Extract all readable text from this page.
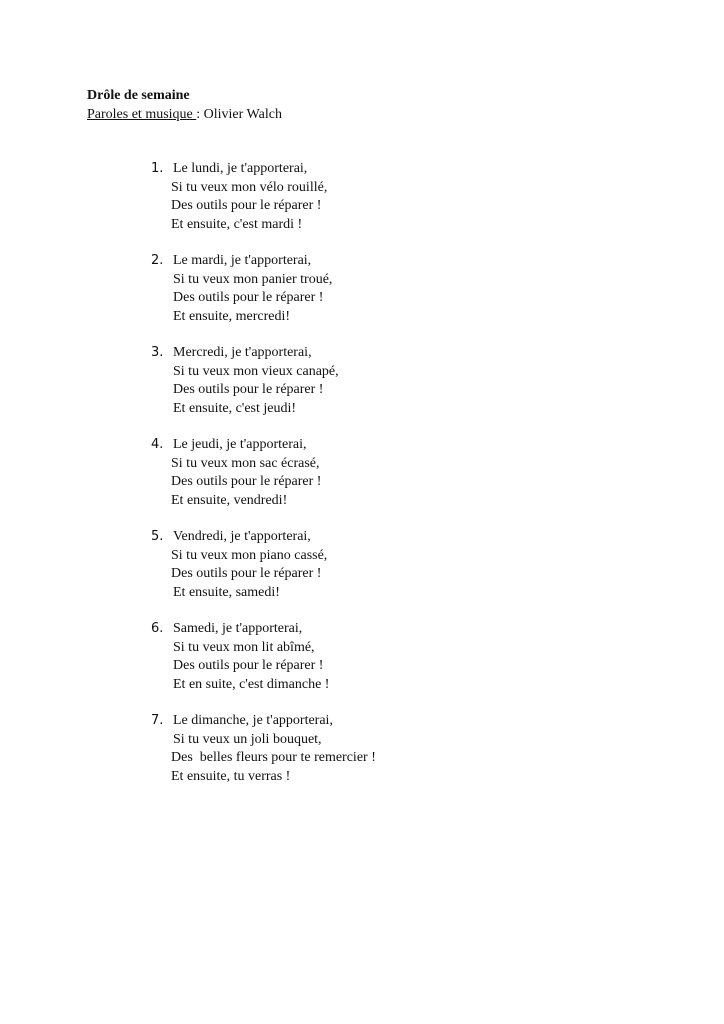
Drôle de semaine
Paroles et musique : Olivier Walch
1. Le lundi, je t'apporterai,
Si tu veux mon vélo rouillé,
Des outils pour le réparer !
Et ensuite, c'est mardi !
2. Le mardi, je t'apporterai,
Si tu veux mon panier troué,
Des outils pour le réparer !
Et ensuite, mercredi!
3. Mercredi, je t'apporterai,
Si tu veux mon vieux canapé,
Des outils pour le réparer !
Et ensuite, c'est jeudi!
4. Le jeudi, je t'apporterai,
Si tu veux mon sac écrasé,
Des outils pour le réparer !
Et ensuite, vendredi!
5. Vendredi, je t'apporterai,
Si tu veux mon piano cassé,
Des outils pour le réparer !
Et ensuite, samedi!
6. Samedi, je t'apporterai,
Si tu veux mon lit abîmé,
Des outils pour le réparer !
Et en suite, c'est dimanche !
7. Le dimanche, je t'apporterai,
Si tu veux un joli bouquet,
Des  belles fleurs pour te remercier !
Et ensuite, tu verras !
